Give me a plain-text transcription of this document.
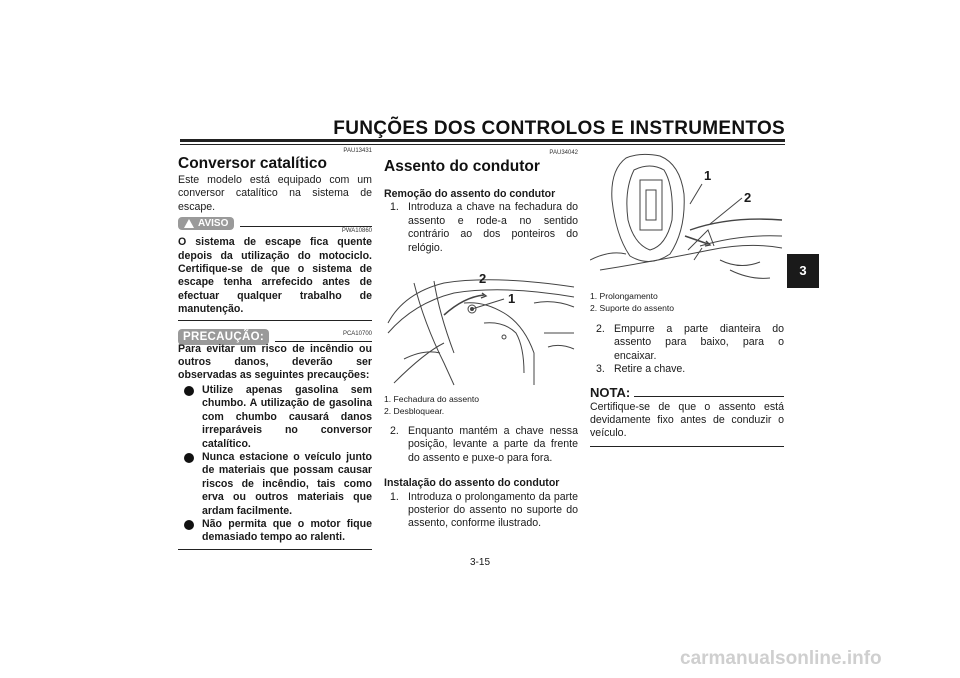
FUNÇÕES DOS CONTROLOS E INSTRUMENTOS
3
PAU13431
Conversor catalítico
Este modelo está equipado com um conversor catalítico na sistema de escape.
AVISO
PWA10860
O sistema de escape fica quente depois da utilização do motociclo. Certifique-se de que o sistema de escape tenha arrefecido antes de efectuar qualquer trabalho de manutenção.
PRECAUÇÃO:	PCA10700
Para evitar um risco de incêndio ou outros danos, deverão ser observadas as seguintes precauções:
Utilize apenas gasolina sem chumbo. A utilização de gasolina com chumbo causará danos irreparáveis no conversor catalítico.
Nunca estacione o veículo junto de materiais que possam causar riscos de incêndio, tais como erva ou outros materiais que ardam facilmente.
Não permita que o motor fique demasiado tempo ao ralenti.
PAU34042
Assento do condutor
Remoção do assento do condutor
1. Introduza a chave na fechadura do assento e rode-a no sentido contrário ao dos ponteiros do relógio.
2
1
1. Fechadura do assento
2. Desbloquear.
2. Enquanto mantém a chave nessa posição, levante a parte da frente do assento e puxe-o para fora.
Instalação do assento do condutor
1. Introduza o prolongamento da parte posterior do assento no suporte do assento, conforme ilustrado.
1
2
1. Prolongamento
2. Suporte do assento
2. Empurre a parte dianteira do assento para baixo, para o encaixar.
3. Retire a chave.
NOTA:
Certifique-se de que o assento está devidamente fixo antes de conduzir o veículo.
3-15
carmanualsonline.info
